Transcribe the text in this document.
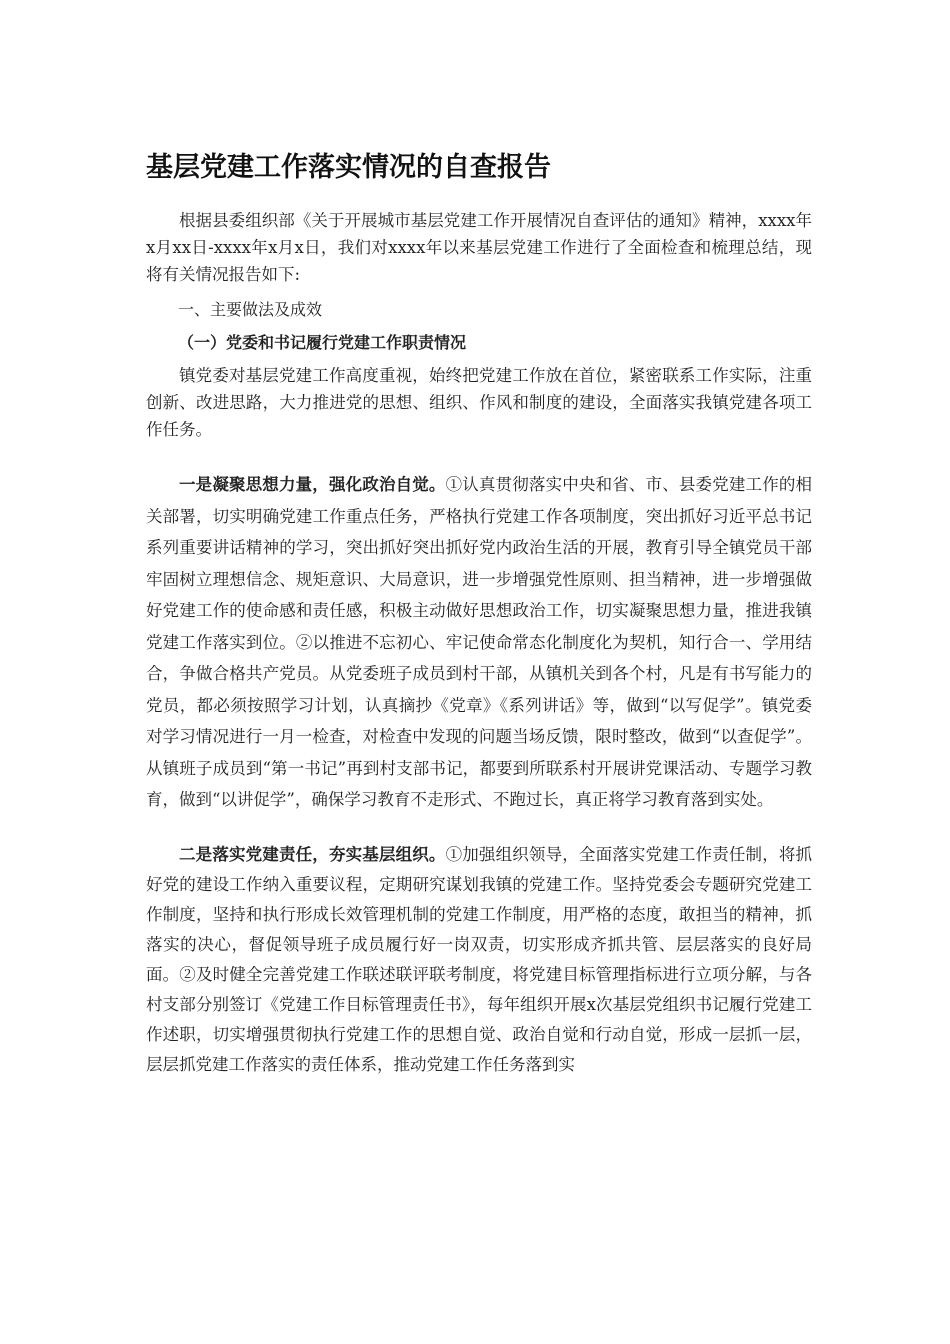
基层党建工作落实情况的自查报告

根据县委组织部《关于开展城市基层党建工作开展情况自查评估的通知》精神，xxxx年x月xx日-xxxx年x月x日，我们对xxxx年以来基层党建工作进行了全面检查和梳理总结，现将有关情况报告如下:

一、主要做法及成效
（一）党委和书记履行党建工作职责情况

镇党委对基层党建工作高度重视，始终把党建工作放在首位，紧密联系工作实际，注重创新、改进思路，大力推进党的思想、组织、作风和制度的建设，全面落实我镇党建各项工作任务。

一是凝聚思想力量，强化政治自觉。①认真贯彻落实中央和省、市、县委党建工作的相关部署，切实明确党建工作重点任务，严格执行党建工作各项制度，突出抓好习近平总书记系列重要讲话精神的学习，突出抓好突出抓好党内政治生活的开展，教育引导全镇党员干部牢固树立理想信念、规矩意识、大局意识，进一步增强党性原则、担当精神，进一步增强做好党建工作的使命感和责任感，积极主动做好思想政治工作，切实凝聚思想力量，推进我镇党建工作落实到位。②以推进不忘初心、牢记使命常态化制度化为契机，知行合一、学用结合，争做合格共产党员。从党委班子成员到村干部，从镇机关到各个村，凡是有书写能力的党员，都必须按照学习计划，认真摘抄《党章》《系列讲话》等，做到“以写促学”。镇党委对学习情况进行一月一检查，对检查中发现的问题当场反馈，限时整改，做到“以查促学”。从镇班子成员到“第一书记”再到村支部书记，都要到所联系村开展讲党课活动、专题学习教育，做到“以讲促学”，确保学习教育不走形式、不跑过长，真正将学习教育落到实处。

二是落实党建责任，夯实基层组织。①加强组织领导，全面落实党建工作责任制，将抓好党的建设工作纳入重要议程，定期研究谋划我镇的党建工作。坚持党委会专题研究党建工作制度，坚持和执行形成长效管理机制的党建工作制度，用严格的态度，敢担当的精神，抓落实的决心，督促领导班子成员履行好一岗双责，切实形成齐抓共管、层层落实的良好局面。②及时健全完善党建工作联述联评联考制度，将党建目标管理指标进行立项分解，与各村支部分别签订《党建工作目标管理责任书》，每年组织开展x次基层党组织书记履行党建工作述职，切实增强贯彻执行党建工作的思想自觉、政治自觉和行动自觉，形成一层抓一层，层层抓党建工作落实的责任体系，推动党建工作任务落到实
